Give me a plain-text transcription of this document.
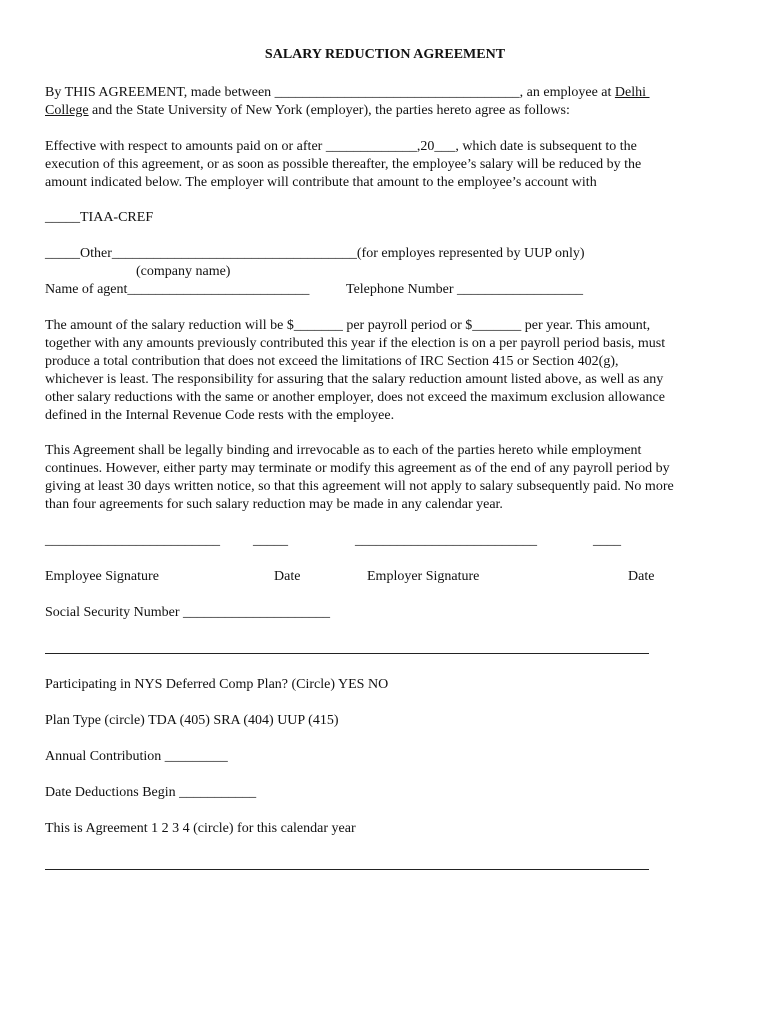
SALARY REDUCTION AGREEMENT
By THIS AGREEMENT, made between ___________________________________, an employee at Delhi
College and the State University of New York (employer), the parties hereto agree as follows:
Effective with respect to amounts paid on or after _____________,20___, which date is subsequent to the
execution of this agreement, or as soon as possible thereafter, the employee’s salary will be reduced by the
amount indicated below. The employer will contribute that amount to the employee’s account with
_____TIAA-CREF
_____Other___________________________________(for employes represented by UUP only)
(company name)
Name of agent__________________________	Telephone Number __________________
The amount of the salary reduction will be $_______ per payroll period or $_______ per year. This amount,
together with any amounts previously contributed this year if the election is on a per payroll period basis, must
produce a total contribution that does not exceed the limitations of IRC Section 415 or Section 402(g),
whichever is least. The responsibility for assuring that the salary reduction amount listed above, as well as any
other salary reductions with the same or another employer, does not exceed the maximum exclusion allowance
defined in the Internal Revenue Code rests with the employee.
This Agreement shall be legally binding and irrevocable as to each of the parties hereto while employment
continues. However, either party may terminate or modify this agreement as of the end of any payroll period by
giving at least 30 days written notice, so that this agreement will not apply to salary subsequently paid. No more
than four agreements for such salary reduction may be made in any calendar year.
_________________________ _____	__________________________	____
Employee Signature	Date	Employer Signature	Date
Social Security Number _____________________
Participating in NYS Deferred Comp Plan? (Circle) YES NO
Plan Type (circle) TDA (405) SRA (404) UUP (415)
Annual Contribution _________
Date Deductions Begin ___________
This is Agreement 1 2 3 4 (circle) for this calendar year
